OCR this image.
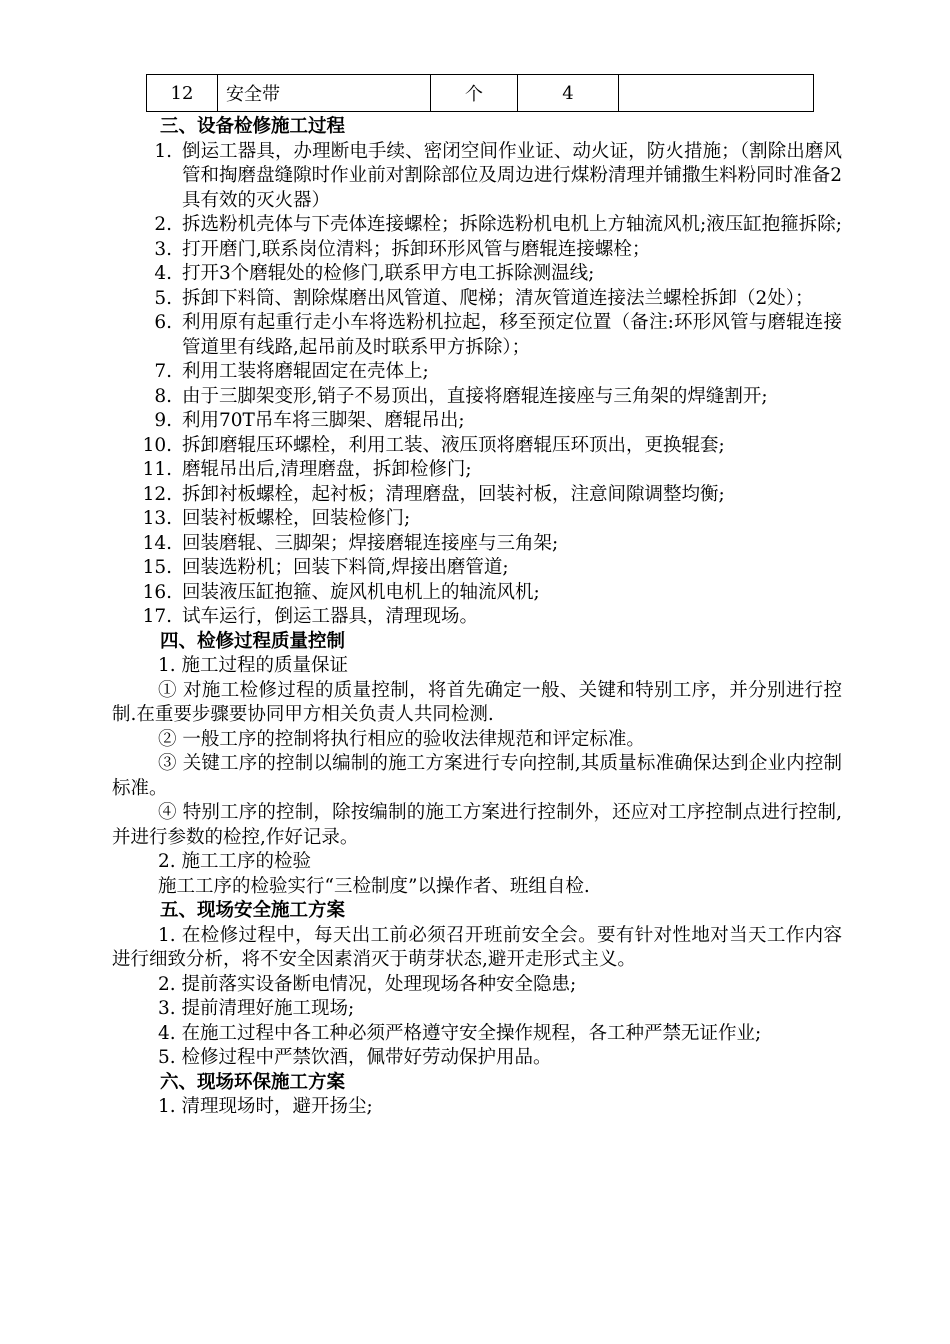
12	安全带	个	4	
三、设备检修施工过程
1. 倒运工器具，办理断电手续、密闭空间作业证、动火证，防火措施；（割除出磨风管和掏磨盘缝隙时作业前对割除部位及周边进行煤粉清理并铺撒生料粉同时准备2具有效的灭火器）
2. 拆选粉机壳体与下壳体连接螺栓；拆除选粉机电机上方轴流风机;液压缸抱箍拆除;
3. 打开磨门,联系岗位清料；拆卸环形风管与磨辊连接螺栓；
4. 打开3个磨辊处的检修门,联系甲方电工拆除测温线;
5. 拆卸下料筒、割除煤磨出风管道、爬梯；清灰管道连接法兰螺栓拆卸（2处）；
6. 利用原有起重行走小车将选粉机拉起，移至预定位置（备注:环形风管与磨辊连接管道里有线路,起吊前及时联系甲方拆除）；
7. 利用工装将磨辊固定在壳体上;
8. 由于三脚架变形,销子不易顶出，直接将磨辊连接座与三角架的焊缝割开;
9. 利用70T吊车将三脚架、磨辊吊出;
10. 拆卸磨辊压环螺栓，利用工装、液压顶将磨辊压环顶出，更换辊套;
11. 磨辊吊出后,清理磨盘，拆卸检修门;
12. 拆卸衬板螺栓，起衬板；清理磨盘，回装衬板，注意间隙调整均衡;
13. 回装衬板螺栓，回装检修门;
14. 回装磨辊、三脚架；焊接磨辊连接座与三角架;
15. 回装选粉机；回装下料筒,焊接出磨管道;
16. 回装液压缸抱箍、旋风机电机上的轴流风机;
17. 试车运行，倒运工器具，清理现场。
四、检修过程质量控制
1. 施工过程的质量保证
① 对施工检修过程的质量控制，将首先确定一般、关键和特别工序，并分别进行控制.在重要步骤要协同甲方相关负责人共同检测.
② 一般工序的控制将执行相应的验收法律规范和评定标准。
③ 关键工序的控制以编制的施工方案进行专向控制,其质量标准确保达到企业内控制标准。
④ 特别工序的控制，除按编制的施工方案进行控制外，还应对工序控制点进行控制,并进行参数的检控,作好记录。
2. 施工工序的检验
施工工序的检验实行“三检制度”以操作者、班组自检.
五、现场安全施工方案
1. 在检修过程中，每天出工前必须召开班前安全会。要有针对性地对当天工作内容进行细致分析，将不安全因素消灭于萌芽状态,避开走形式主义。
2. 提前落实设备断电情况，处理现场各种安全隐患;
3. 提前清理好施工现场;
4. 在施工过程中各工种必须严格遵守安全操作规程，各工种严禁无证作业;
5. 检修过程中严禁饮酒，佩带好劳动保护用品。
六、现场环保施工方案
1. 清理现场时，避开扬尘;
